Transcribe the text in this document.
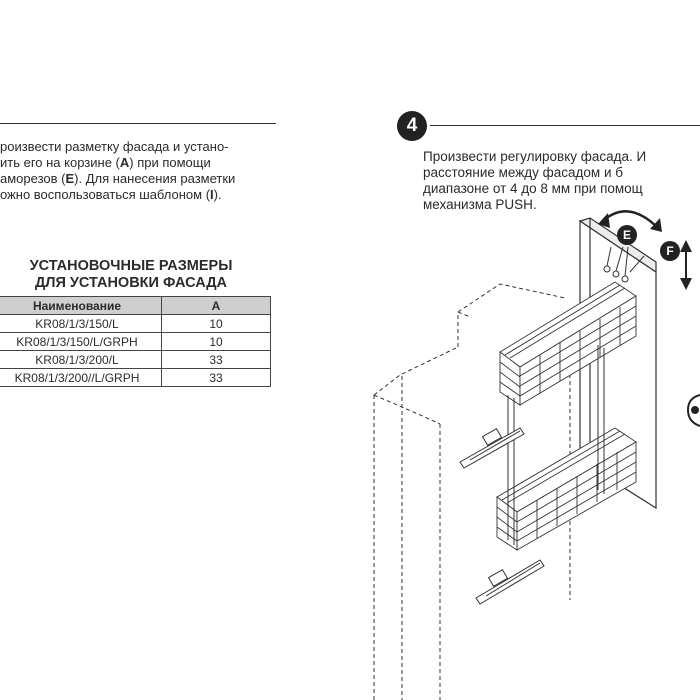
роизвести разметку фасада и устано-
ить его на корзине (A) при помощи
аморезов (E). Для нанесения разметки
ожно воспользоваться шаблоном (I).

УСТАНОВОЧНЫЕ РАЗМЕРЫ
ДЛЯ УСТАНОВКИ ФАСАДА
Наименование	A
KR08/1/3/150/L	10
KR08/1/3/150/L/GRPH	10
KR08/1/3/200/L	33
KR08/1/3/200//L/GRPH	33
4

Произвести регулировку фасада. И
расстояние между фасадом и б
диапазоне от 4 до 8 мм при помощ
механизма PUSH.

E
F
